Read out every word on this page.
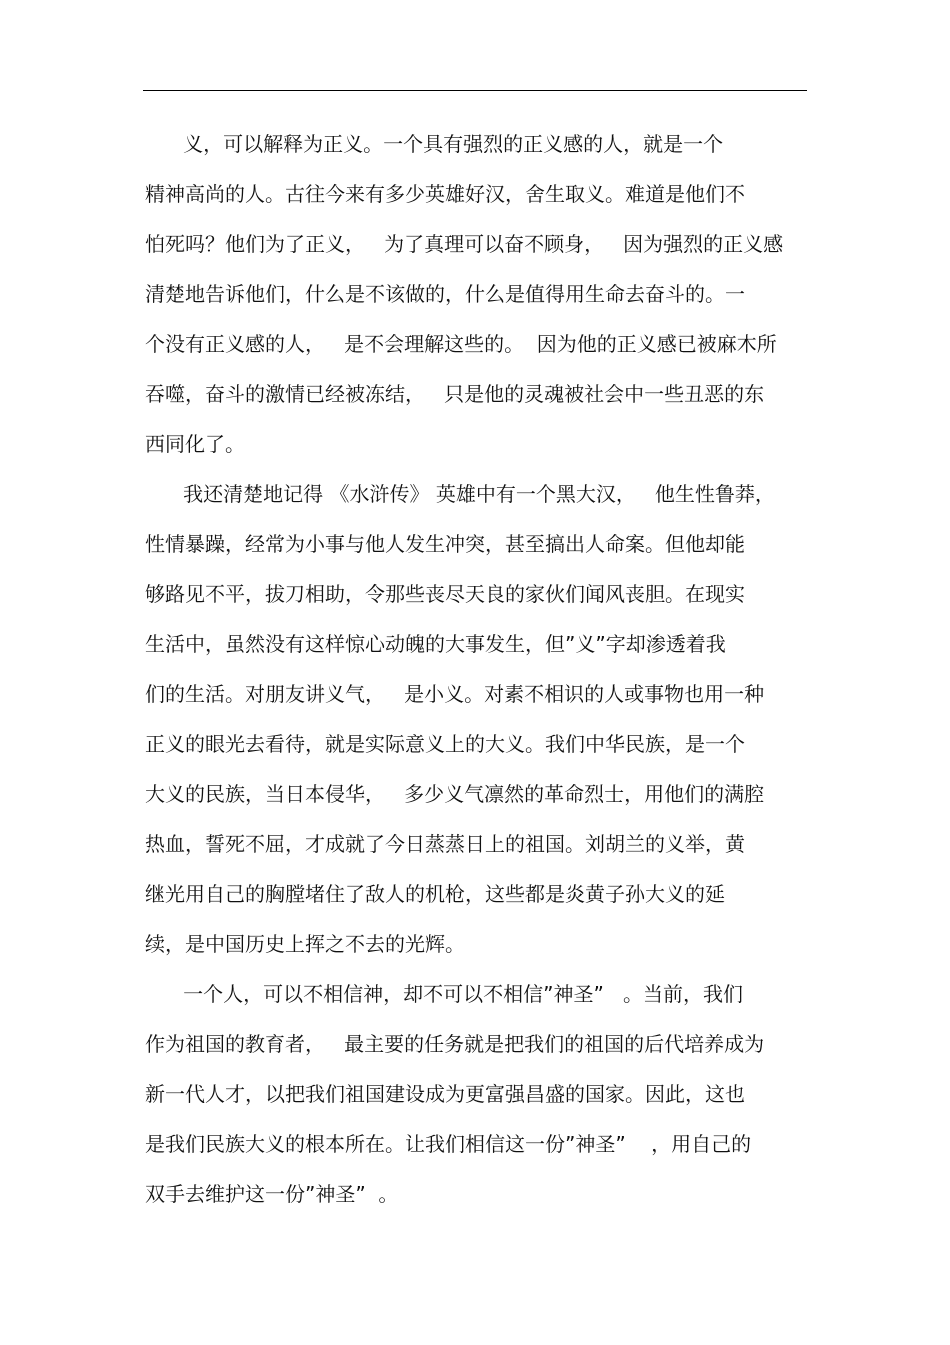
义，可以解释为正义。一个具有强烈的正义感的人，就是一个
精神高尚的人。古往今来有多少英雄好汉，舍生取义。难道是他们不
怕死吗？他们为了正义，   为了真理可以奋不顾身，   因为强烈的正义感
清楚地告诉他们，什么是不该做的，什么是值得用生命去奋斗的。一
个没有正义感的人，   是不会理解这些的。  因为他的正义感已被麻木所
吞噬，奋斗的激情已经被冻结，   只是他的灵魂被社会中一些丑恶的东
西同化了。
我还清楚地记得 《水浒传》 英雄中有一个黑大汉，   他生性鲁莽，
性情暴躁，经常为小事与他人发生冲突，甚至搞出人命案。但他却能
够路见不平，拔刀相助，令那些丧尽天良的家伙们闻风丧胆。在现实
生活中，虽然没有这样惊心动魄的大事发生，但”义”字却渗透着我
们的生活。对朋友讲义气，   是小义。对素不相识的人或事物也用一种
正义的眼光去看待，就是实际意义上的大义。我们中华民族，是一个
大义的民族，当日本侵华，   多少义气凛然的革命烈士，用他们的满腔
热血，誓死不屈，才成就了今日蒸蒸日上的祖国。刘胡兰的义举，黄
继光用自己的胸膛堵住了敌人的机枪，这些都是炎黄子孙大义的延
续，是中国历史上挥之不去的光辉。
一个人，可以不相信神，却不可以不相信”神圣”   。当前，我们
作为祖国的教育者，   最主要的任务就是把我们的祖国的后代培养成为
新一代人才，以把我们祖国建设成为更富强昌盛的国家。因此，这也
是我们民族大义的根本所在。让我们相信这一份”神圣”    ，用自己的
双手去维护这一份”神圣”  。
